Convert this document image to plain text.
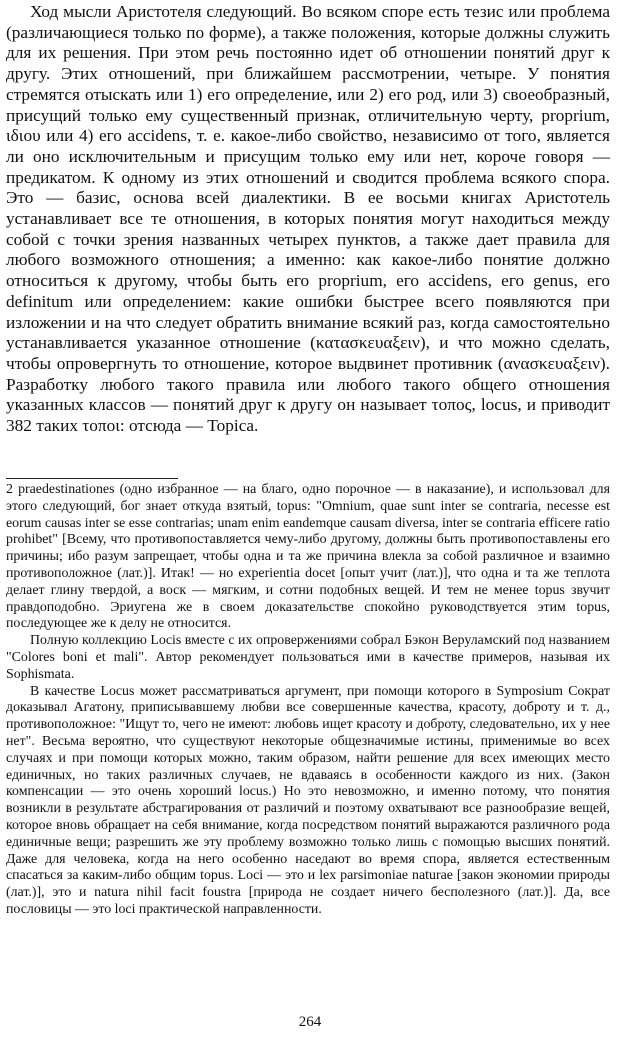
Ход мысли Аристотеля следующий. Во всяком споре есть тезис или проблема (различающиеся только по форме), а также положения, которые должны служить для их решения. При этом речь постоянно идет об отношении понятий друг к другу. Этих отношений, при ближайшем рассмотрении, четыре. У понятия стремятся отыскать или 1) его определение, или 2) его род, или 3) своеобразный, присущий только ему существенный признак, отличительную черту, proprium, ιδιου или 4) его accidens, т. е. какое-либо свойство, независимо от того, является ли оно исключительным и присущим только ему или нет, короче говоря — предикатом. К одному из этих отношений и сводится проблема всякого спора. Это — базис, основа всей диалектики. В ее восьми книгах Аристотель устанавливает все те отношения, в которых понятия могут находиться между собой с точки зрения названных четырех пунктов, а также дает правила для любого возможного отношения; а именно: как какое-либо понятие должно относиться к другому, чтобы быть его proprium, его accidens, его genus, его definitum или определением: какие ошибки быстрее всего появляются при изложении и на что следует обратить внимание всякий раз, когда самостоятельно устанавливается указанное отношение (κατασκευαξειν), и что можно сделать, чтобы опровергнуть то отношение, которое выдвинет противник (ανασκευαξειν). Разработку любого такого правила или любого такого общего отношения указанных классов — понятий друг к другу он называет τοπος, locus, и приводит 382 таких τοποι: отсюда — Topica.

2 praedestinationes (одно избранное — на благо, одно порочное — в наказание), и использовал для этого следующий, бог знает откуда взятый, topus: "Omnium, quae sunt inter se contraria, necesse est eorum causas inter se esse contrarias; unam enim eandemque causam diversa, inter se contraria efficere ratio prohibet" [Всему, что противопоставляется чему-либо другому, должны быть противопоставлены его причины; ибо разум запрещает, чтобы одна и та же причина влекла за собой различное и взаимно противоположное (лат.)]. Итак! — но experientia docet [опыт учит (лат.)], что одна и та же теплота делает глину твердой, а воск — мягким, и сотни подобных вещей. И тем не менее topus звучит правдоподобно. Эриугена же в своем доказательстве спокойно руководствуется этим topus, последующее же к делу не относится.

Полную коллекцию Locis вместе с их опровержениями собрал Бэкон Веруламский под названием "Colores boni et mali". Автор рекомендует пользоваться ими в качестве примеров, называя их Sophismata.

В качестве Locus может рассматриваться аргумент, при помощи которого в Symposium Сократ доказывал Агатону, приписывавшему любви все совершенные качества, красоту, доброту и т. д., противоположное: "Ищут то, чего не имеют: любовь ищет красоту и доброту, следовательно, их у нее нет". Весьма вероятно, что существуют некоторые общезначимые истины, применимые во всех случаях и при помощи которых можно, таким образом, найти решение для всех имеющих место единичных, но таких различных случаев, не вдаваясь в особенности каждого из них. (Закон компенсации — это очень хороший locus.) Но это невозможно, и именно потому, что понятия возникли в результате абстрагирования от различий и поэтому охватывают все разнообразие вещей, которое вновь обращает на себя внимание, когда посредством понятий выражаются различного рода единичные вещи; разрешить же эту проблему возможно только лишь с помощью высших понятий. Даже для человека, когда на него особенно наседают во время спора, является естественным спасаться за каким-либо общим topus. Loci — это и lex parsimoniae naturae [закон экономии природы (лат.)], это и natura nihil facit foustra [природа не создает ничего бесполезного (лат.)]. Да, все пословицы — это loci практической направленности.

264
